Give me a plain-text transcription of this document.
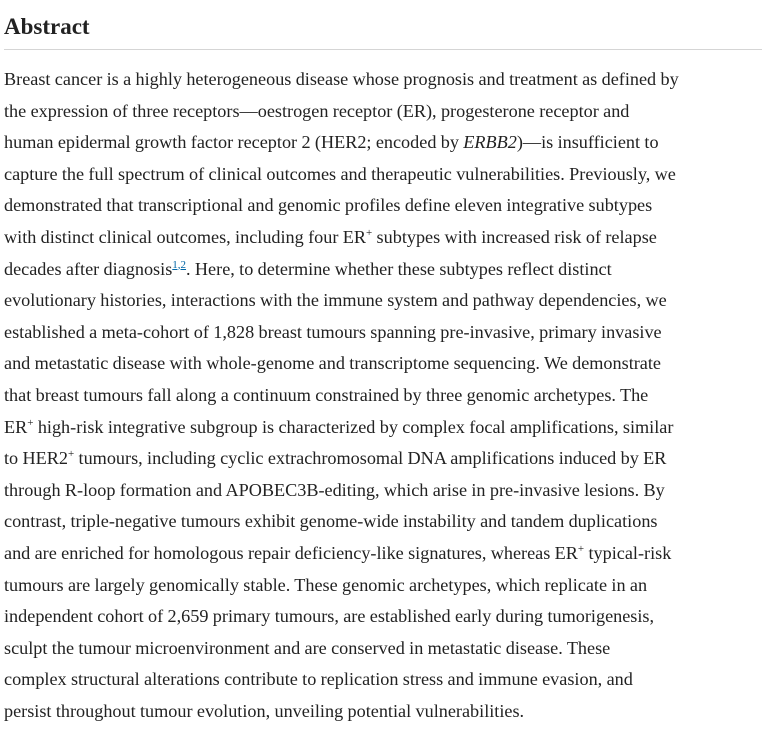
Abstract

Breast cancer is a highly heterogeneous disease whose prognosis and treatment as defined by
the expression of three receptors—oestrogen receptor (ER), progesterone receptor and
human epidermal growth factor receptor 2 (HER2; encoded by ERBB2)—is insufficient to
capture the full spectrum of clinical outcomes and therapeutic vulnerabilities. Previously, we
demonstrated that transcriptional and genomic profiles define eleven integrative subtypes
with distinct clinical outcomes, including four ER+ subtypes with increased risk of relapse
decades after diagnosis$^{1,2}$. Here, to determine whether these subtypes reflect distinct
evolutionary histories, interactions with the immune system and pathway dependencies, we
established a meta-cohort of 1,828 breast tumours spanning pre-invasive, primary invasive
and metastatic disease with whole-genome and transcriptome sequencing. We demonstrate
that breast tumours fall along a continuum constrained by three genomic archetypes. The
ER+ high-risk integrative subgroup is characterized by complex focal amplifications, similar
to HER2+ tumours, including cyclic extrachromosomal DNA amplifications induced by ER
through R-loop formation and APOBEC3B-editing, which arise in pre-invasive lesions. By
contrast, triple-negative tumours exhibit genome-wide instability and tandem duplications
and are enriched for homologous repair deficiency-like signatures, whereas ER+ typical-risk
tumours are largely genomically stable. These genomic archetypes, which replicate in an
independent cohort of 2,659 primary tumours, are established early during tumorigenesis,
sculpt the tumour microenvironment and are conserved in metastatic disease. These
complex structural alterations contribute to replication stress and immune evasion, and
persist throughout tumour evolution, unveiling potential vulnerabilities.
